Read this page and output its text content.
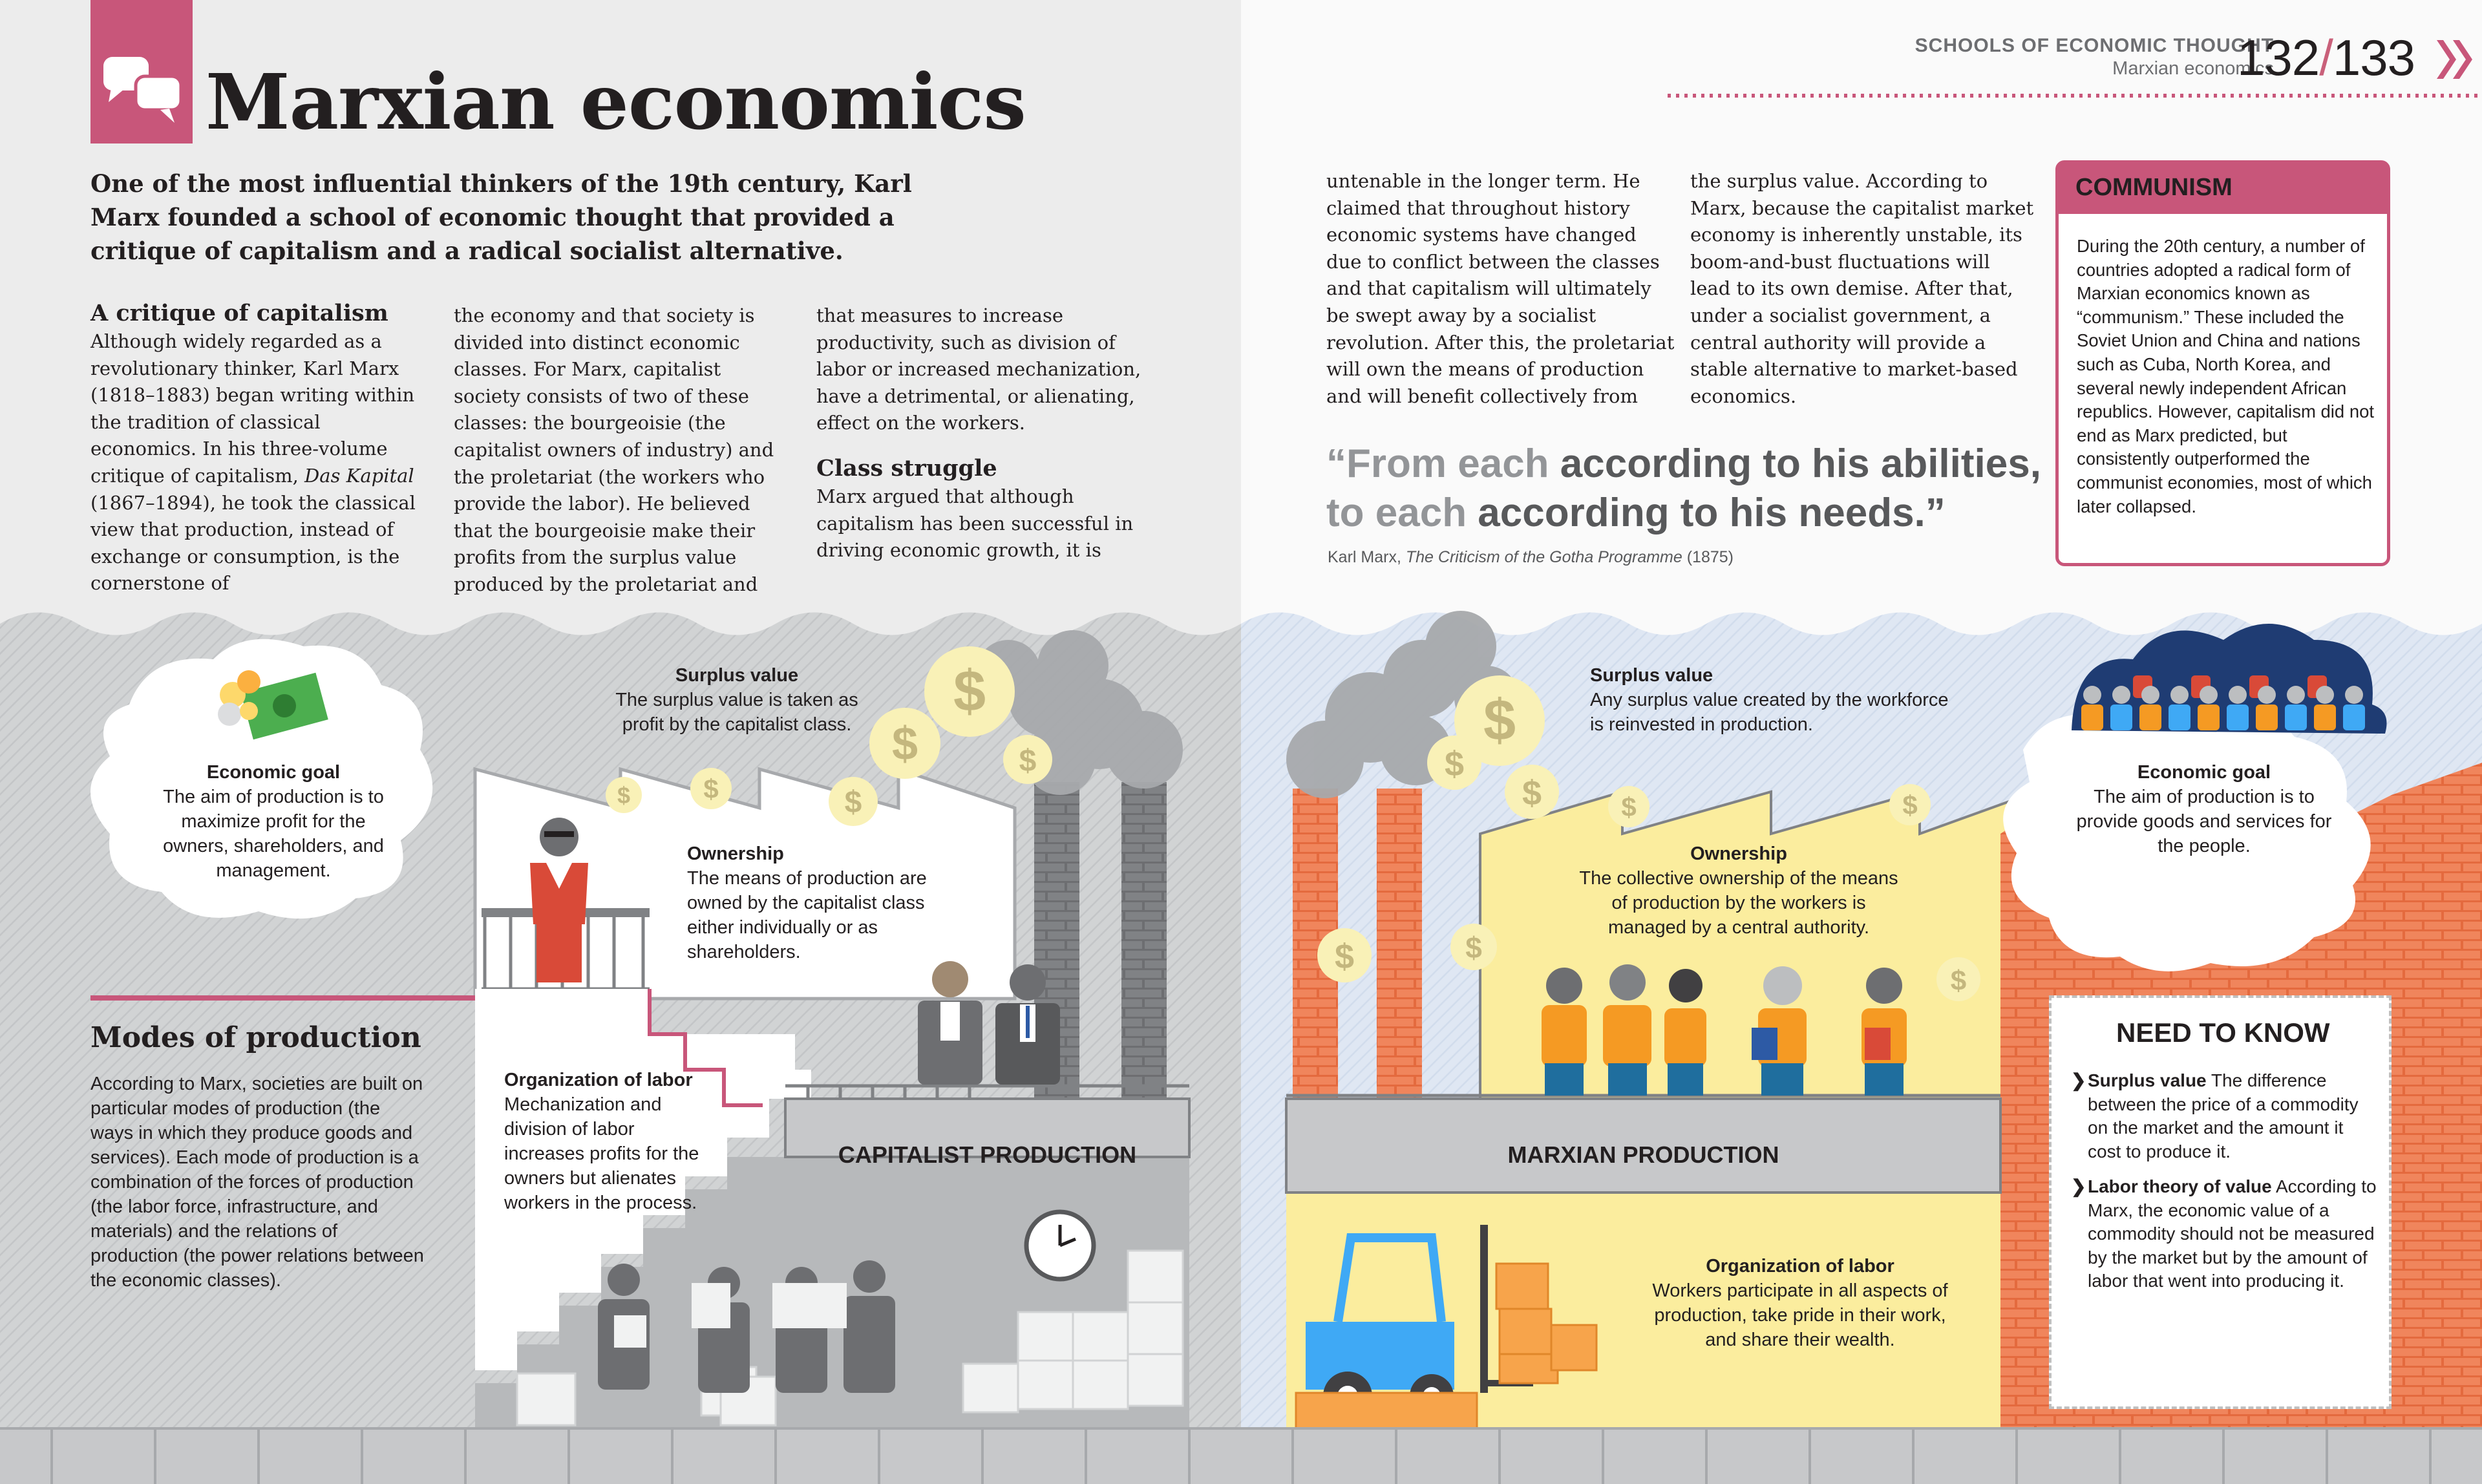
$
$
$
$
$
$
$
$
$	$
$	$
$
$
SCHOOLS OF ECONOMIC THOUGHT
Marxian economics
132/133
Marxian economics

One of the most influential thinkers of the 19th century, Karl Marx founded a school of economic thought that provided a critique of capitalism and a radical socialist alternative.

A critique of capitalism

Although widely regarded as a revolutionary thinker, Karl Marx (1818–1883) began writing within the tradition of classical economics. In his three-volume critique of capitalism, Das Kapital (1867–1894), he took the classical view that production, instead of exchange or consumption, is the cornerstone of

the economy and that society is divided into distinct economic classes. For Marx, capitalist society consists of two of these classes: the bourgeoisie (the capitalist owners of industry) and the proletariat (the workers who provide the labor). He believed that the bourgeoisie make their profits from the surplus value produced by the proletariat and

that measures to increase productivity, such as division of labor or increased mechanization, have a detrimental, or alienating, effect on the workers.

Class struggle

Marx argued that although capitalism has been successful in driving economic growth, it is

untenable in the longer term. He claimed that throughout history economic systems have changed due to conflict between the classes and that capitalism will ultimately be swept away by a socialist revolution. After this, the proletariat will own the means of production and will benefit collectively from

the surplus value. According to Marx, because the capitalist market economy is inherently unstable, its boom-and-bust fluctuations will lead to its own demise. After that, under a socialist government, a central authority will provide a stable alternative to market-based economics.

“From each according to his abilities,
to each according to his needs.”
Karl Marx, The Criticism of the Gotha Programme (1875)
COMMUNISM
During the 20th century, a number of countries adopted a radical form of Marxian economics known as “communism.” These included the Soviet Union and China and nations such as Cuba, North Korea, and several newly independent African republics. However, capitalism did not end as Marx predicted, but consistently outperformed the communist economies, most of which later collapsed.
Economic goal
The aim of production is to maximize profit for the owners, shareholders, and management.
Surplus value
The surplus value is taken as profit by the capitalist class.
Ownership
The means of production are owned by the capitalist class either individually or as shareholders.
Organization of labor
Mechanization and division of labor increases profits for the owners but alienates workers in the process.
CAPITALIST PRODUCTION
Modes of production

According to Marx, societies are built on particular modes of production (the ways in which they produce goods and services). Each mode of production is a combination of the forces of production (the labor force, infrastructure, and materials) and the relations of production (the power relations between the economic classes).

Surplus value
Any surplus value created by the workforce is reinvested in production.
Ownership
The collective ownership of the means of production by the workers is managed by a central authority.
Economic goal
The aim of production is to provide goods and services for the people.
Organization of labor
Workers participate in all aspects of production, take pride in their work, and share their wealth.
MARXIAN PRODUCTION
✓ NEED TO KNOW
❯ Surplus value The difference between the price of a commodity on the market and the amount it cost to produce it.
❯ Labor theory of value According to Marx, the economic value of a commodity should not be measured by the market but by the amount of labor that went into producing it.
